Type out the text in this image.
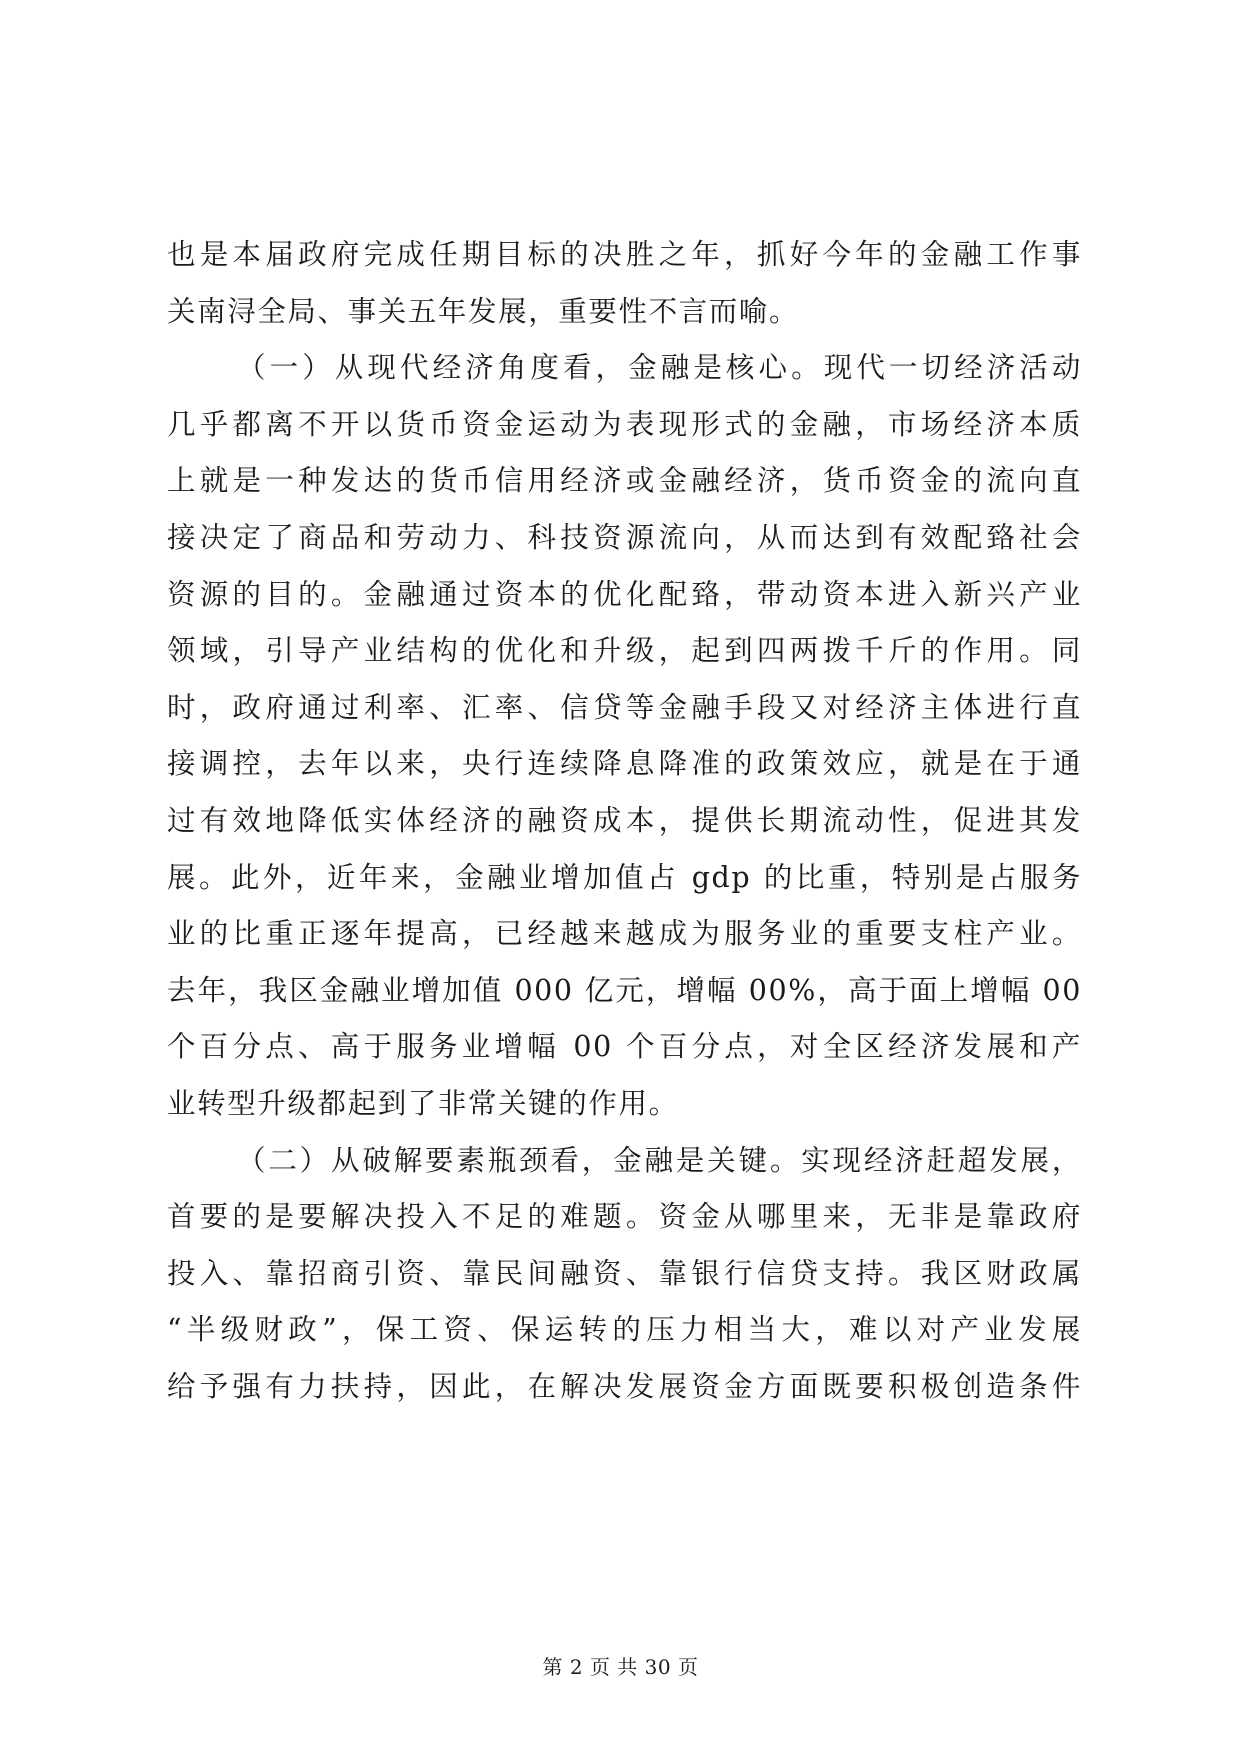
也是本届政府完成任期目标的决胜之年，抓好今年的金融工作事
关南浔全局、事关五年发展，重要性不言而喻。
（一）从现代经济角度看，金融是核心。现代一切经济活动
几乎都离不开以货币资金运动为表现形式的金融，市场经济本质
上就是一种发达的货币信用经济或金融经济，货币资金的流向直
接决定了商品和劳动力、科技资源流向，从而达到有效配臵社会
资源的目的。金融通过资本的优化配臵，带动资本进入新兴产业
领域，引导产业结构的优化和升级，起到四两拨千斤的作用。同
时，政府通过利率、汇率、信贷等金融手段又对经济主体进行直
接调控，去年以来，央行连续降息降准的政策效应，就是在于通
过有效地降低实体经济的融资成本，提供长期流动性，促进其发
展。此外，近年来，金融业增加值占 gdp 的比重，特别是占服务
业的比重正逐年提高，已经越来越成为服务业的重要支柱产业。
去年，我区金融业增加值 000 亿元，增幅 00%，高于面上增幅 00
个百分点、高于服务业增幅 00 个百分点，对全区经济发展和产
业转型升级都起到了非常关键的作用。
（二）从破解要素瓶颈看，金融是关键。实现经济赶超发展，
首要的是要解决投入不足的难题。资金从哪里来，无非是靠政府
投入、靠招商引资、靠民间融资、靠银行信贷支持。我区财政属
“半级财政”，保工资、保运转的压力相当大，难以对产业发展
给予强有力扶持，因此，在解决发展资金方面既要积极创造条件
第 2 页 共 30 页
